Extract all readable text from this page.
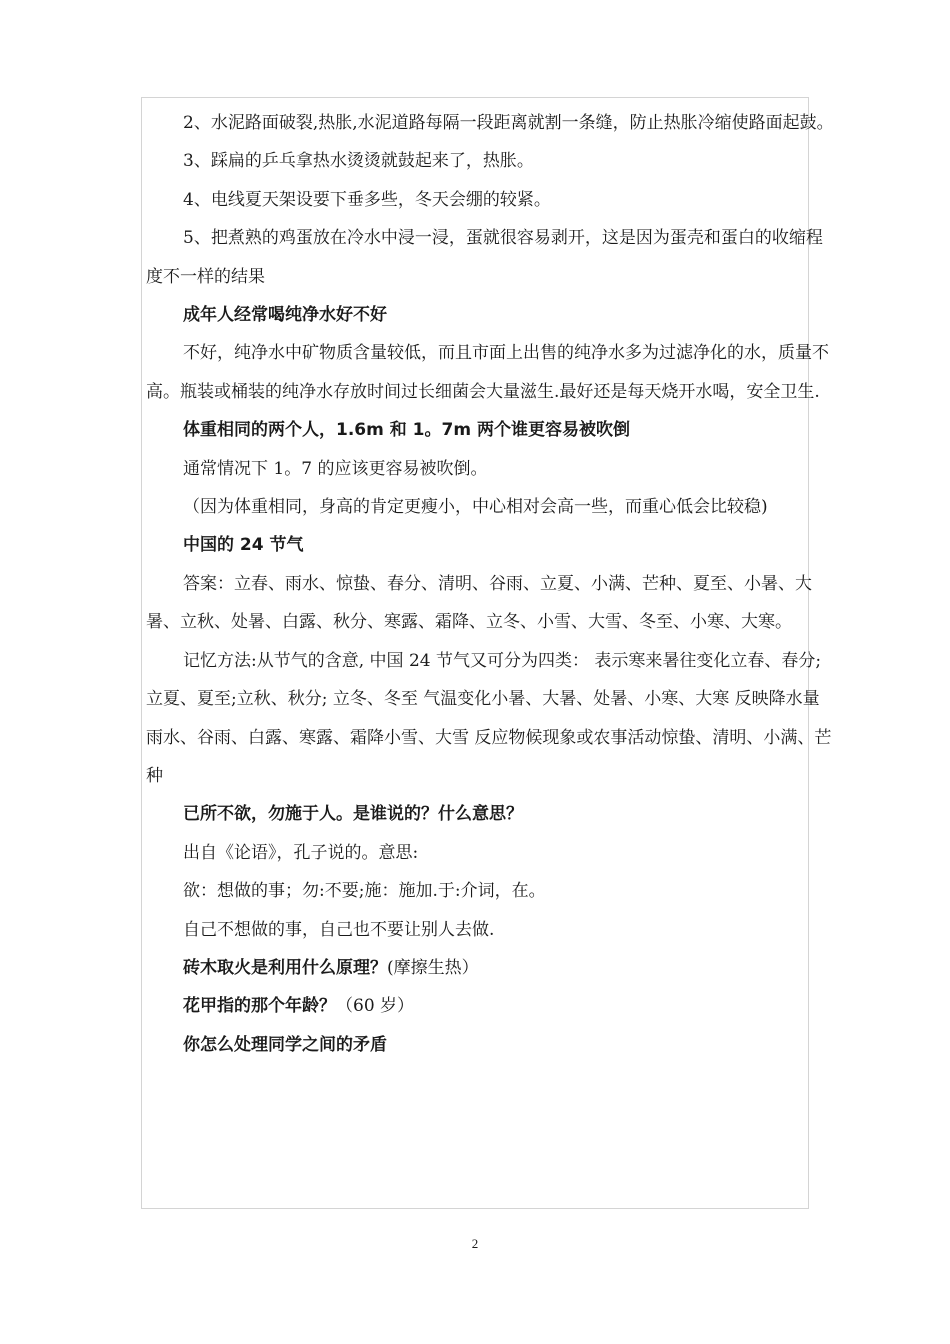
2、水泥路面破裂,热胀,水泥道路每隔一段距离就割一条缝，防止热胀冷缩使路面起鼓。

3、踩扁的乒乓拿热水烫烫就鼓起来了，热胀。

4、电线夏天架设要下垂多些，冬天会绷的较紧。

5、把煮熟的鸡蛋放在冷水中浸一浸，蛋就很容易剥开，这是因为蛋壳和蛋白的收缩程度不一样的结果

成年人经常喝纯净水好不好

不好，纯净水中矿物质含量较低，而且市面上出售的纯净水多为过滤净化的水，质量不高。瓶装或桶装的纯净水存放时间过长细菌会大量滋生.最好还是每天烧开水喝，安全卫生.

体重相同的两个人，1.6m 和 1。7m 两个谁更容易被吹倒

通常情况下 1。7 的应该更容易被吹倒。

（因为体重相同，身高的肯定更瘦小，中心相对会高一些，而重心低会比较稳)

中国的 24 节气

答案：立春、雨水、惊蛰、春分、清明、谷雨、立夏、小满、芒种、夏至、小暑、大暑、立秋、处暑、白露、秋分、寒露、霜降、立冬、小雪、大雪、冬至、小寒、大寒。

记忆方法:从节气的含意, 中国 24 节气又可分为四类： 表示寒来暑往变化立春、春分;立夏、夏至;立秋、秋分; 立冬、冬至 气温变化小暑、大暑、处暑、小寒、大寒 反映降水量雨水、谷雨、白露、寒露、霜降小雪、大雪 反应物候现象或农事活动惊蛰、清明、小满、芒种

已所不欲，勿施于人。是谁说的？什么意思？

出自《论语》，孔子说的。意思:

欲：想做的事；勿:不要;施：施加.于:介词，在。

自己不想做的事，自己也不要让别人去做.

砖木取火是利用什么原理？(摩擦生热）

花甲指的那个年龄？（60 岁）

你怎么处理同学之间的矛盾

2
